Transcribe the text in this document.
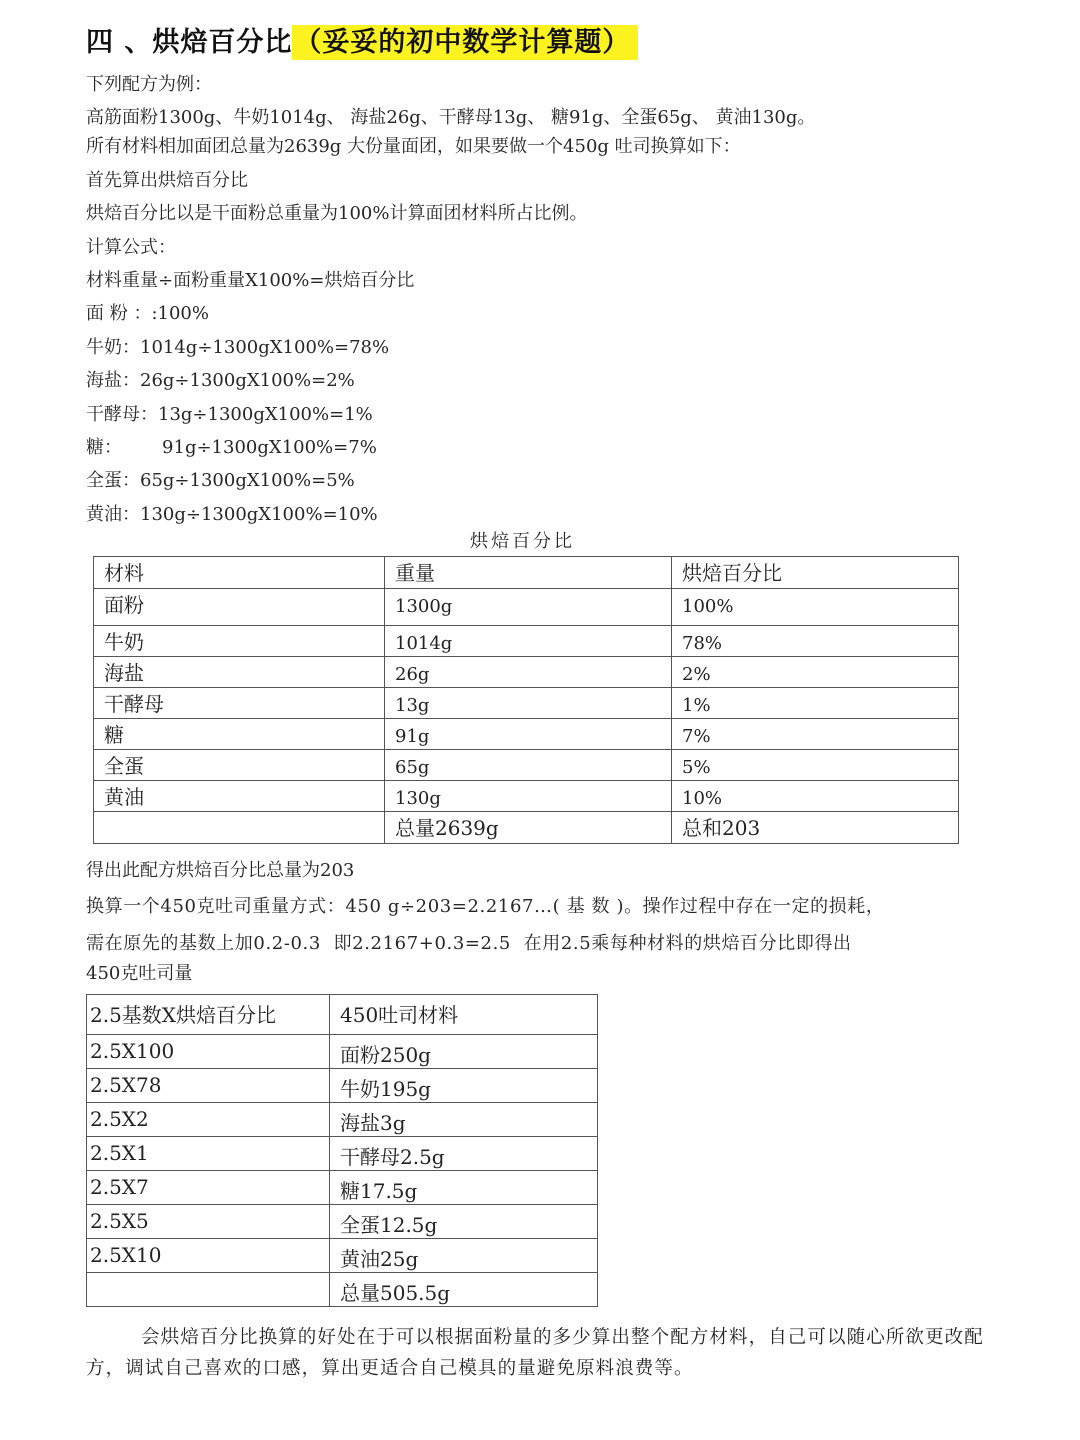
四 、烘焙百分比（妥妥的初中数学计算题）
下列配方为例：
高筋面粉1300g、牛奶1014g、 海盐26g、干酵母13g、 糖91g、全蛋65g、 黄油130g。
所有材料相加面团总量为2639g 大份量面团，如果要做一个450g 吐司换算如下：
首先算出烘焙百分比
烘焙百分比以是干面粉总重量为100%计算面团材料所占比例。
计算公式：
材料重量÷面粉重量X100%=烘焙百分比
面 粉 ：:100%
牛奶：1014g÷1300gX100%=78%
海盐：26g÷1300gX100%=2%
干酵母：13g÷1300gX100%=1%
糖：       91g÷1300gX100%=7%
全蛋：65g÷1300gX100%=5%
黄油：130g÷1300gX100%=10%
烘焙百分比
材料	重量	烘焙百分比
面粉	1300g	100%
牛奶	1014g	78%
海盐	26g	2%
干酵母	13g	1%
糖	91g	7%
全蛋	65g	5%
黄油	130g	10%
	总量2639g	总和203
得出此配方烘焙百分比总量为203
换算一个450克吐司重量方式：450 g÷203=2.2167…( 基 数 )。操作过程中存在一定的损耗，
需在原先的基数上加0.2-0.3  即2.2167+0.3=2.5  在用2.5乘每种材料的烘焙百分比即得出
450克吐司量
2.5基数X烘焙百分比	450吐司材料
2.5X100	面粉250g
2.5X78	牛奶195g
2.5X2	海盐3g
2.5X1	干酵母2.5g
2.5X7	糖17.5g
2.5X5	全蛋12.5g
2.5X10	黄油25g
	总量505.5g
会烘焙百分比换算的好处在于可以根据面粉量的多少算出整个配方材料，自己可以随心所欲更改配方，调试自己喜欢的口感，算出更适合自己模具的量避免原料浪费等。
